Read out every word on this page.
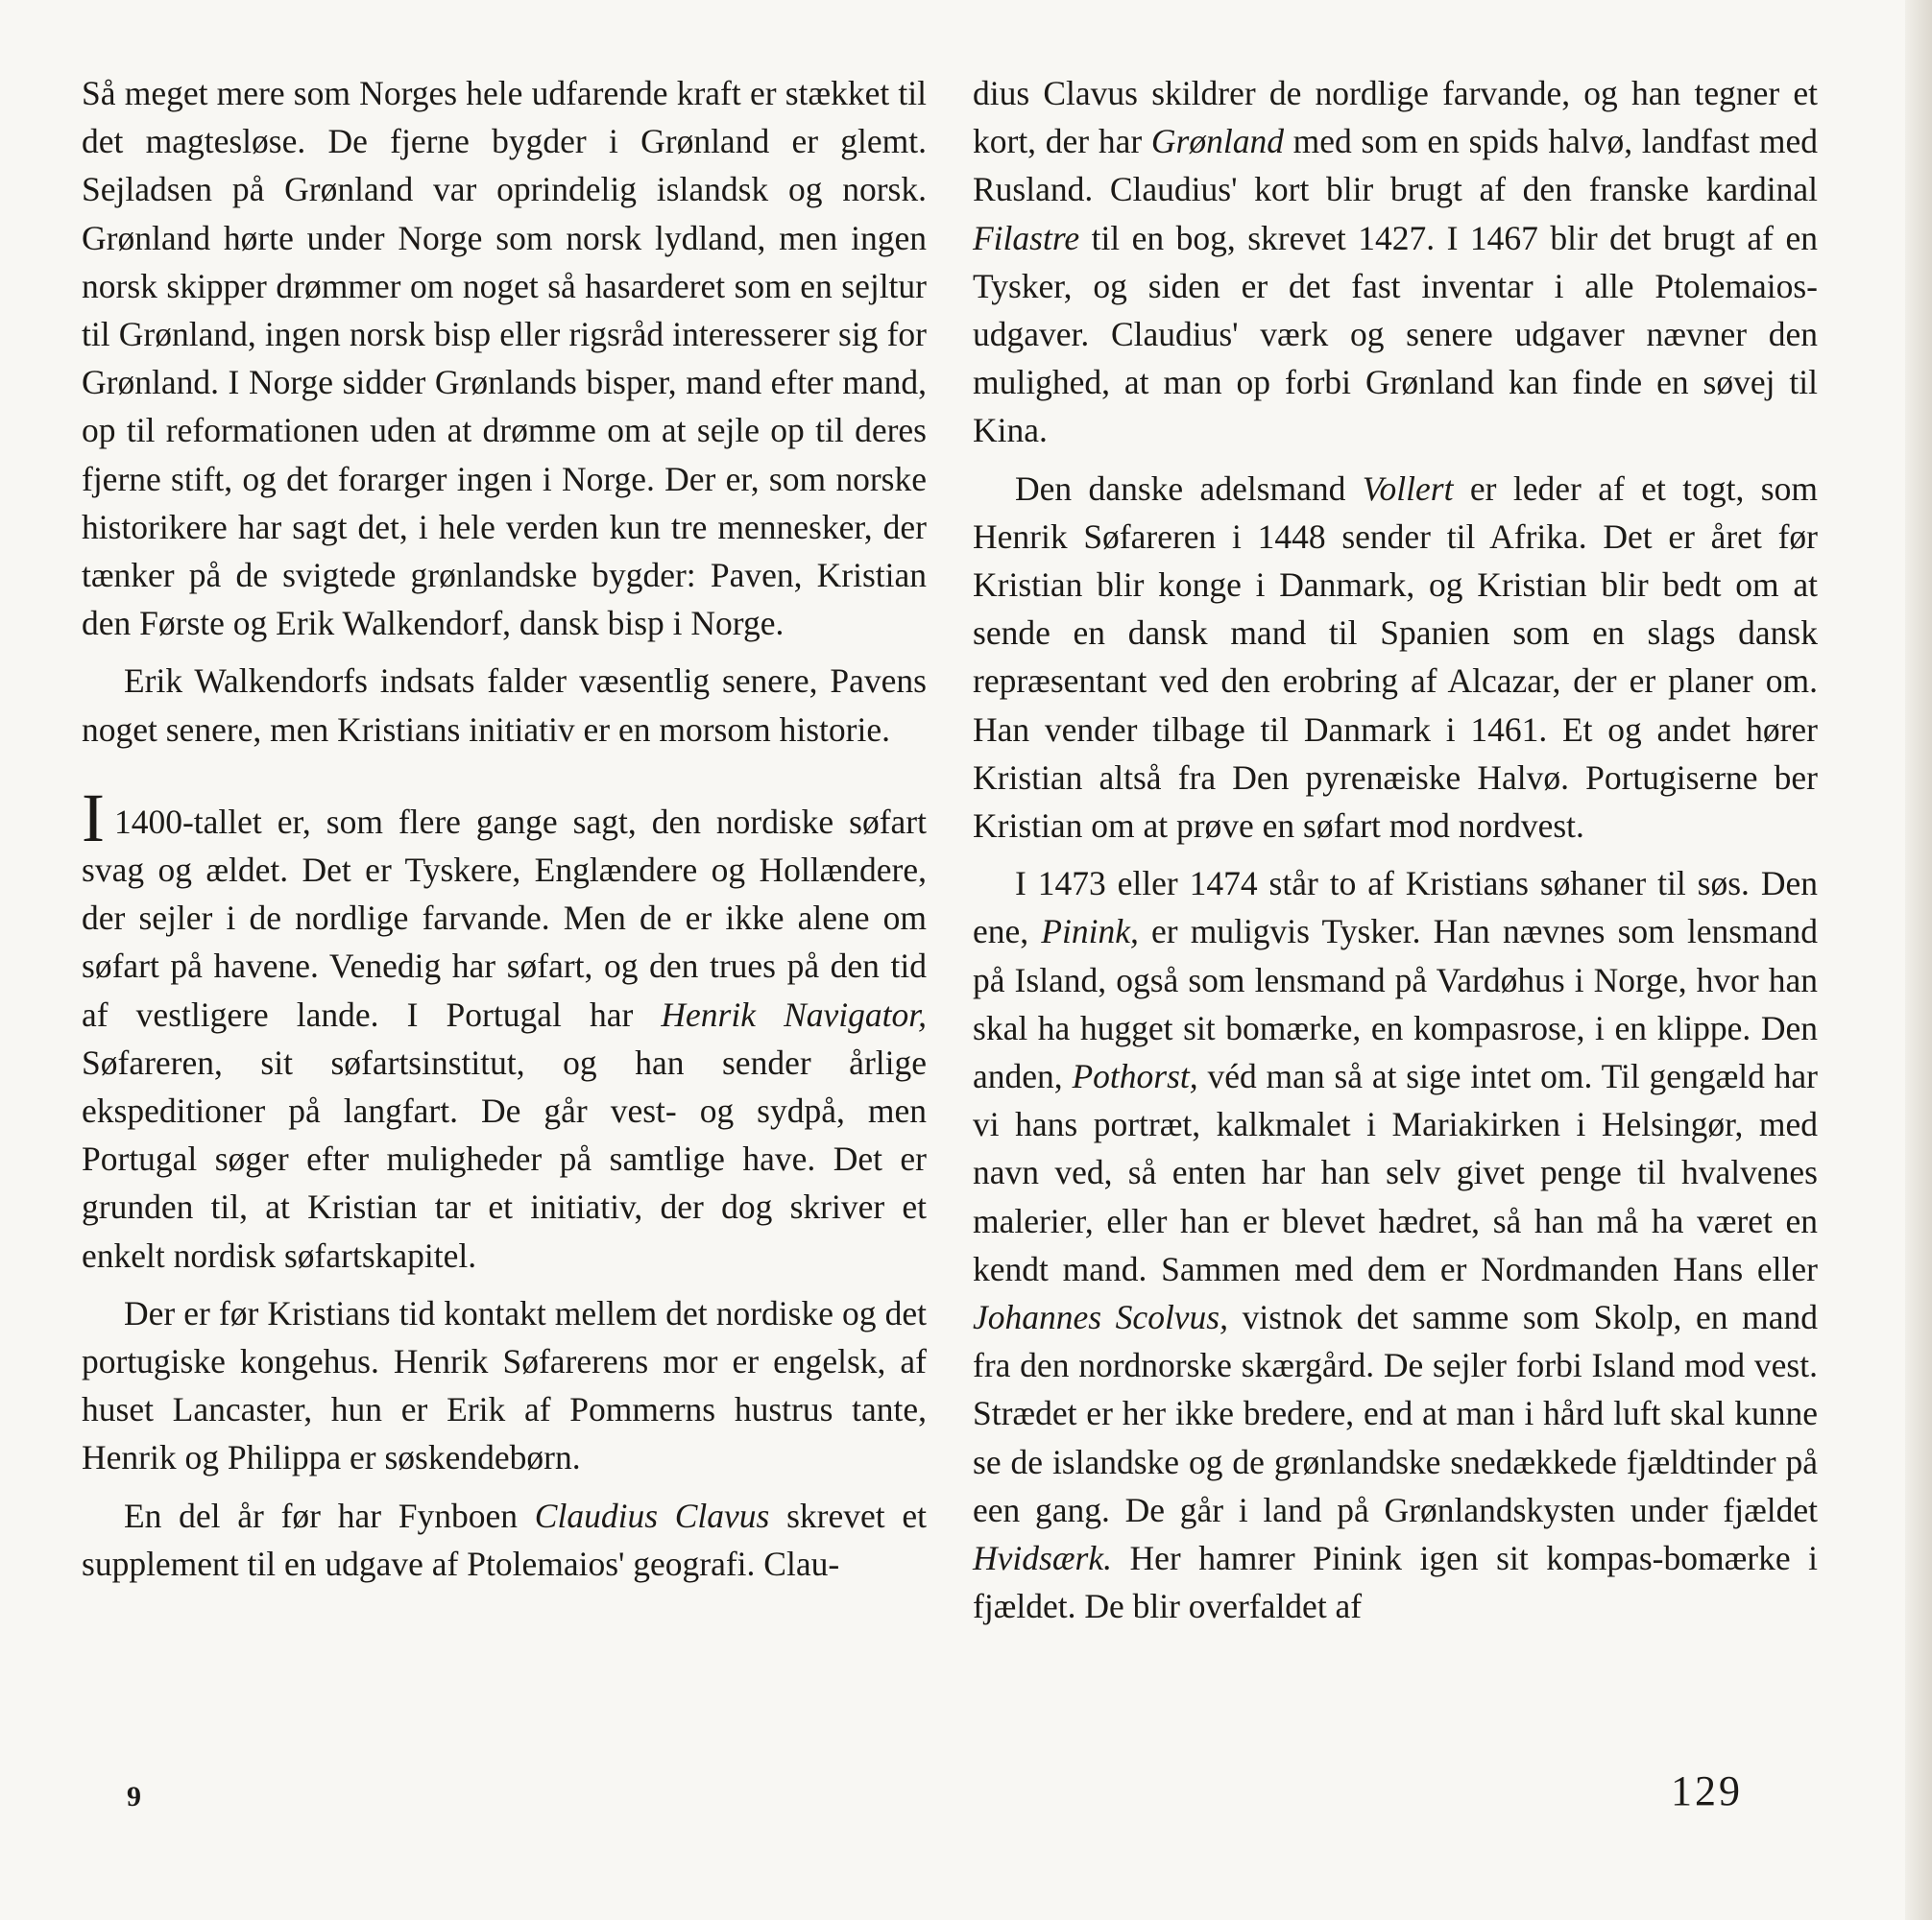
Så meget mere som Norges hele udfarende kraft er stækket til det magtesløse. De fjerne bygder i Grønland er glemt. Sejladsen på Grønland var oprindelig islandsk og norsk. Grønland hørte under Norge som norsk lydland, men ingen norsk skipper drømmer om noget så hasarderet som en sejltur til Grønland, ingen norsk bisp eller rigsråd interesserer sig for Grønland. I Norge sidder Grønlands bisper, mand efter mand, op til reformationen uden at drømme om at sejle op til deres fjerne stift, og det forarger ingen i Norge. Der er, som norske historikere har sagt det, i hele verden kun tre mennesker, der tænker på de svigtede grønlandske bygder: Paven, Kristian den Første og Erik Walkendorf, dansk bisp i Norge.

Erik Walkendorfs indsats falder væsentlig senere, Pavens noget senere, men Kristians initiativ er en morsom historie.

I 1400-tallet er, som flere gange sagt, den nordiske søfart svag og ældet. Det er Tyskere, Englændere og Hollændere, der sejler i de nordlige farvande. Men de er ikke alene om søfart på havene. Venedig har søfart, og den trues på den tid af vestligere lande. I Portugal har Henrik Navigator, Søfareren, sit søfartsinstitut, og han sender årlige ekspeditioner på langfart. De går vest- og sydpå, men Portugal søger efter muligheder på samtlige have. Det er grunden til, at Kristian tar et initiativ, der dog skriver et enkelt nordisk søfartskapitel.

Der er før Kristians tid kontakt mellem det nordiske og det portugiske kongehus. Henrik Søfarerens mor er engelsk, af huset Lancaster, hun er Erik af Pommerns hustrus tante, Henrik og Philippa er søskendebørn.

En del år før har Fynboen Claudius Clavus skrevet et supplement til en udgave af Ptolemaios' geografi. Clau-

dius Clavus skildrer de nordlige farvande, og han tegner et kort, der har Grønland med som en spids halvø, landfast med Rusland. Claudius' kort blir brugt af den franske kardinal Filastre til en bog, skrevet 1427. I 1467 blir det brugt af en Tysker, og siden er det fast inventar i alle Ptolemaios-udgaver. Claudius' værk og senere udgaver nævner den mulighed, at man op forbi Grønland kan finde en søvej til Kina.

Den danske adelsmand Vollert er leder af et togt, som Henrik Søfareren i 1448 sender til Afrika. Det er året før Kristian blir konge i Danmark, og Kristian blir bedt om at sende en dansk mand til Spanien som en slags dansk repræsentant ved den erobring af Alcazar, der er planer om. Han vender tilbage til Danmark i 1461. Et og andet hører Kristian altså fra Den pyrenæiske Halvø. Portugiserne ber Kristian om at prøve en søfart mod nordvest.

I 1473 eller 1474 står to af Kristians søhaner til søs. Den ene, Pinink, er muligvis Tysker. Han nævnes som lensmand på Island, også som lensmand på Vardøhus i Norge, hvor han skal ha hugget sit bomærke, en kompasrose, i en klippe. Den anden, Pothorst, véd man så at sige intet om. Til gengæld har vi hans portræt, kalkmalet i Mariakirken i Helsingør, med navn ved, så enten har han selv givet penge til hvalvenes malerier, eller han er blevet hædret, så han må ha været en kendt mand. Sammen med dem er Nordmanden Hans eller Johannes Scolvus, vistnok det samme som Skolp, en mand fra den nordnorske skærgård. De sejler forbi Island mod vest. Strædet er her ikke bredere, end at man i hård luft skal kunne se de islandske og de grønlandske snedækkede fjældtinder på een gang. De går i land på Grønlandskysten under fjældet Hvidsærk. Her hamrer Pinink igen sit kompas-bomærke i fjældet. De blir overfaldet af

9	129
